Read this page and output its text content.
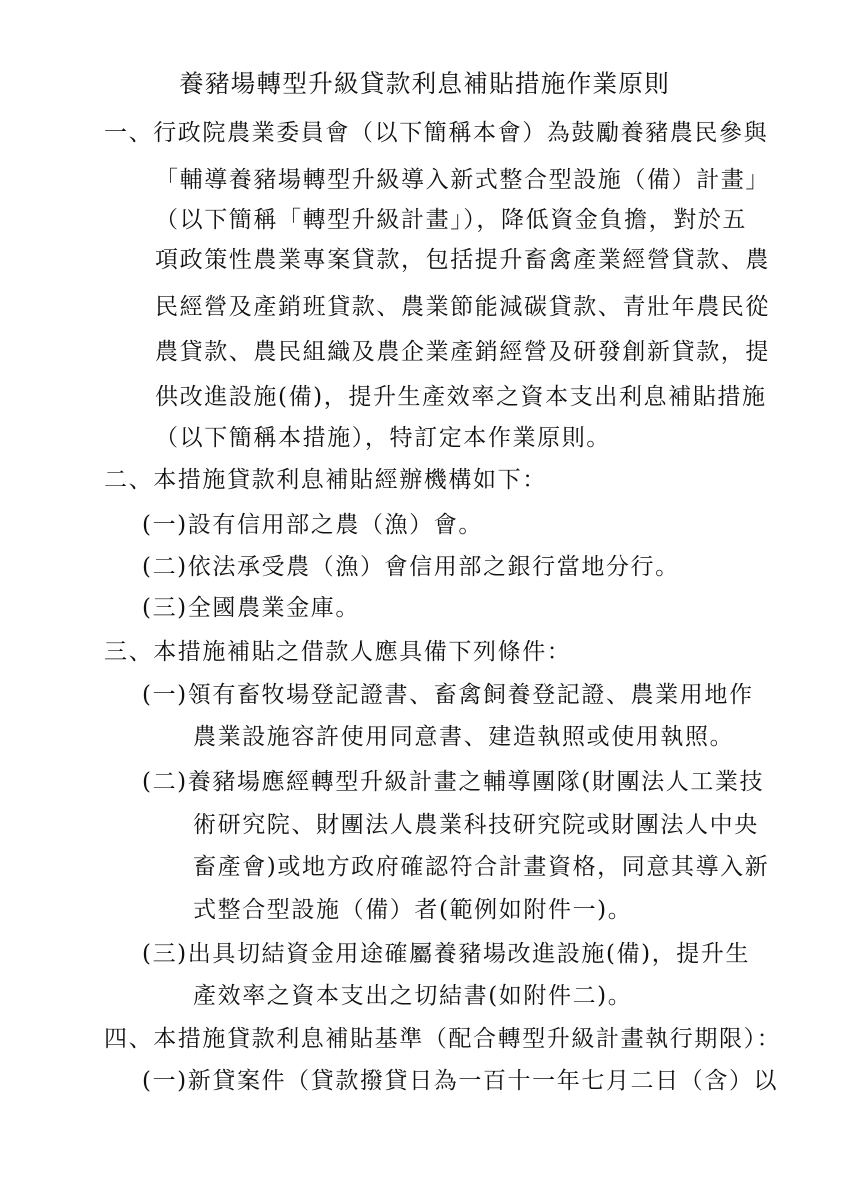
養豬場轉型升級貸款利息補貼措施作業原則
一、行政院農業委員會（以下簡稱本會）為鼓勵養豬農民參與
「輔導養豬場轉型升級導入新式整合型設施（備）計畫」
（以下簡稱「轉型升級計畫」），降低資金負擔，對於五
項政策性農業專案貸款，包括提升畜禽產業經營貸款、農
民經營及產銷班貸款、農業節能減碳貸款、青壯年農民從
農貸款、農民組織及農企業產銷經營及研發創新貸款，提
供改進設施(備)，提升生產效率之資本支出利息補貼措施
（以下簡稱本措施），特訂定本作業原則。
二、本措施貸款利息補貼經辦機構如下：
(一)設有信用部之農（漁）會。
(二)依法承受農（漁）會信用部之銀行當地分行。
(三)全國農業金庫。
三、本措施補貼之借款人應具備下列條件：
(一)領有畜牧場登記證書、畜禽飼養登記證、農業用地作
農業設施容許使用同意書、建造執照或使用執照。
(二)養豬場應經轉型升級計畫之輔導團隊(財團法人工業技
術研究院、財團法人農業科技研究院或財團法人中央
畜產會)或地方政府確認符合計畫資格，同意其導入新
式整合型設施（備）者(範例如附件一)。
(三)出具切結資金用途確屬養豬場改進設施(備)，提升生
產效率之資本支出之切結書(如附件二)。
四、本措施貸款利息補貼基準（配合轉型升級計畫執行期限）：
(一)新貸案件（貸款撥貸日為一百十一年七月二日（含）以
